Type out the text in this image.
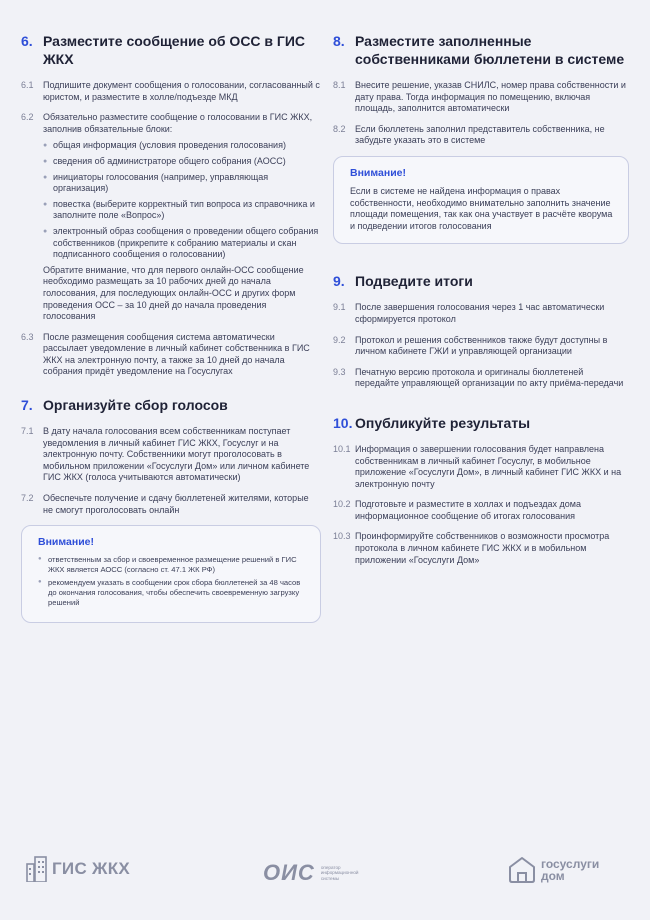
6. Разместите сообщение об ОСС в ГИС ЖКХ
6.1	Подпишите документ сообщения о голосовании, согласованный с юристом, и разместите в холле/подъезде МКД
6.2	Обязательно разместите сообщение о голосовании в ГИС ЖКХ, заполнив обязательные блоки:
● общая информация (условия проведения голосования)
● сведения об администраторе общего собрания (АОСС)
● инициаторы голосования (например, управляющая организация)
● повестка (выберите корректный тип вопроса из справочника и заполните поле «Вопрос»)
● электронный образ сообщения о проведении общего собрания собственников (прикрепите к собранию материалы и скан подписанного сообщения о голосовании)
Обратите внимание, что для первого онлайн-ОСС сообщение необходимо размещать за 10 рабочих дней до начала голосования, для последующих онлайн-ОСС и других форм проведения ОСС – за 10 дней до начала проведения голосования
6.3	После размещения сообщения система автоматически рассылает уведомление в личный кабинет собственника в ГИС ЖКХ на электронную почту, а также за 10 дней до начала собрания придёт уведомление на Госуслугах
7. Организуйте сбор голосов
7.1	В дату начала голосования всем собственникам поступает уведомления в личный кабинет ГИС ЖКХ, Госуслуг и на электронную почту. Собственники могут проголосовать в мобильном приложении «Госуслуги Дом» или личном кабинете ГИС ЖКХ (голоса учитываются автоматически)
7.2	Обеспечьте получение и сдачу бюллетеней жителями, которые не смогут проголосовать онлайн
Внимание!
● ответственным за сбор и своевременное размещение решений в ГИС ЖКХ является АОСС (согласно ст. 47.1 ЖК РФ)
● рекомендуем указать в сообщении срок сбора бюллетеней за 48 часов до окончания голосования, чтобы обеспечить своевременную загрузку решений
8. Разместите заполненные собственниками бюллетени в системе
8.1	Внесите решение, указав СНИЛС, номер права собственности и дату права. Тогда информация по помещению, включая площадь, заполнится автоматически
8.2	Если бюллетень заполнил представитель собственника, не забудьте указать это в системе
Внимание!
Если в системе не найдена информация о правах собственности, необходимо внимательно заполнить значение площади помещения, так как она участвует в расчёте кворума и подведении итогов голосования
9. Подведите итоги
9.1	После завершения голосования через 1 час автоматически сформируется протокол
9.2	Протокол и решения собственников также будут доступны в личном кабинете ГЖИ и управляющей организации
9.3	Печатную версию протокола и оригиналы бюллетеней передайте управляющей организации по акту приёма-передачи
10. Опубликуйте результаты
10.1 Информация о завершении голосования будет направлена собственникам в личный кабинет Госуслуг, в мобильное приложение «Госуслуги Дом», в личный кабинет ГИС ЖКХ и на электронную почту
10.2 Подготовьте и разместите в холлах и подъездах дома информационное сообщение об итогах голосования
10.3 Проинформируйте собственников о возможности просмотра протокола в личном кабинете ГИС ЖКХ и в мобильном приложении «Госуслуги Дом»
ГИС ЖКХ	ОИС оператор информационной системы
госуслуги
дом
